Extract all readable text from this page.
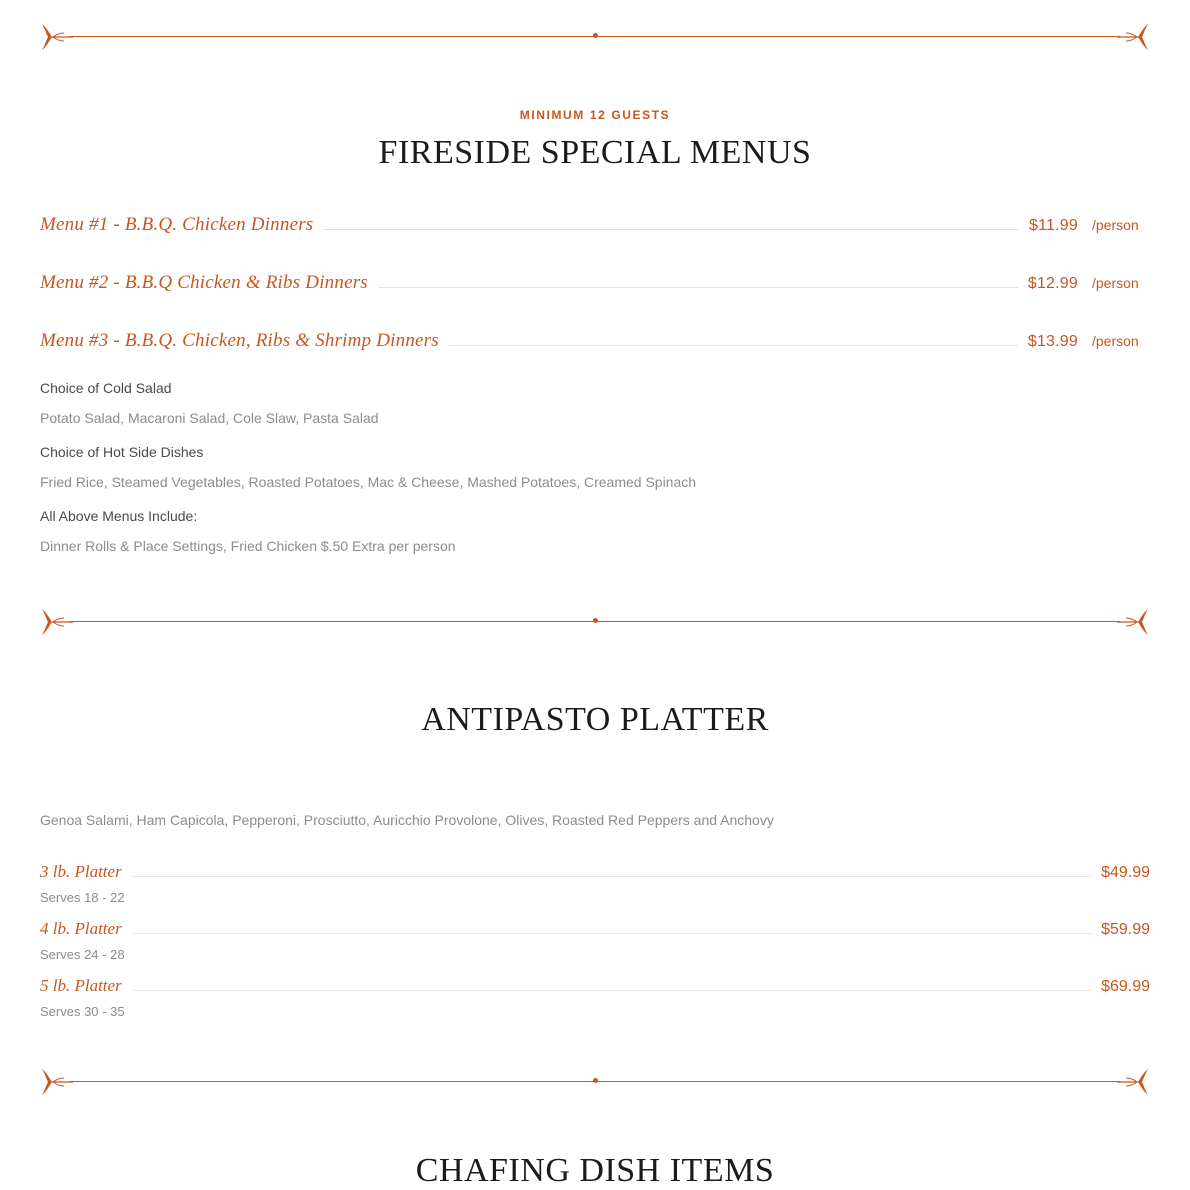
MINIMUM 12 GUESTS

FIRESIDE SPECIAL MENUS
Menu #1 - B.B.Q. Chicken Dinners	$11.99 /person
Menu #2 - B.B.Q Chicken & Ribs Dinners	$12.99 /person
Menu #3 - B.B.Q. Chicken, Ribs & Shrimp Dinners	$13.99 /person

Choice of Cold Salad

Potato Salad, Macaroni Salad, Cole Slaw, Pasta Salad

Choice of Hot Side Dishes

Fried Rice, Steamed Vegetables, Roasted Potatoes, Mac & Cheese, Mashed Potatoes, Creamed Spinach

All Above Menus Include:

Dinner Rolls & Place Settings, Fried Chicken $.50 Extra per person

ANTIPASTO PLATTER

Genoa Salami, Ham Capicola, Pepperoni, Prosciutto, Auricchio Provolone, Olives, Roasted Red Peppers and Anchovy

3 lb. Platter	$49.99

Serves 18 - 22

4 lb. Platter	$59.99

Serves 24 - 28

5 lb. Platter	$69.99

Serves 30 - 35

CHAFING DISH ITEMS
